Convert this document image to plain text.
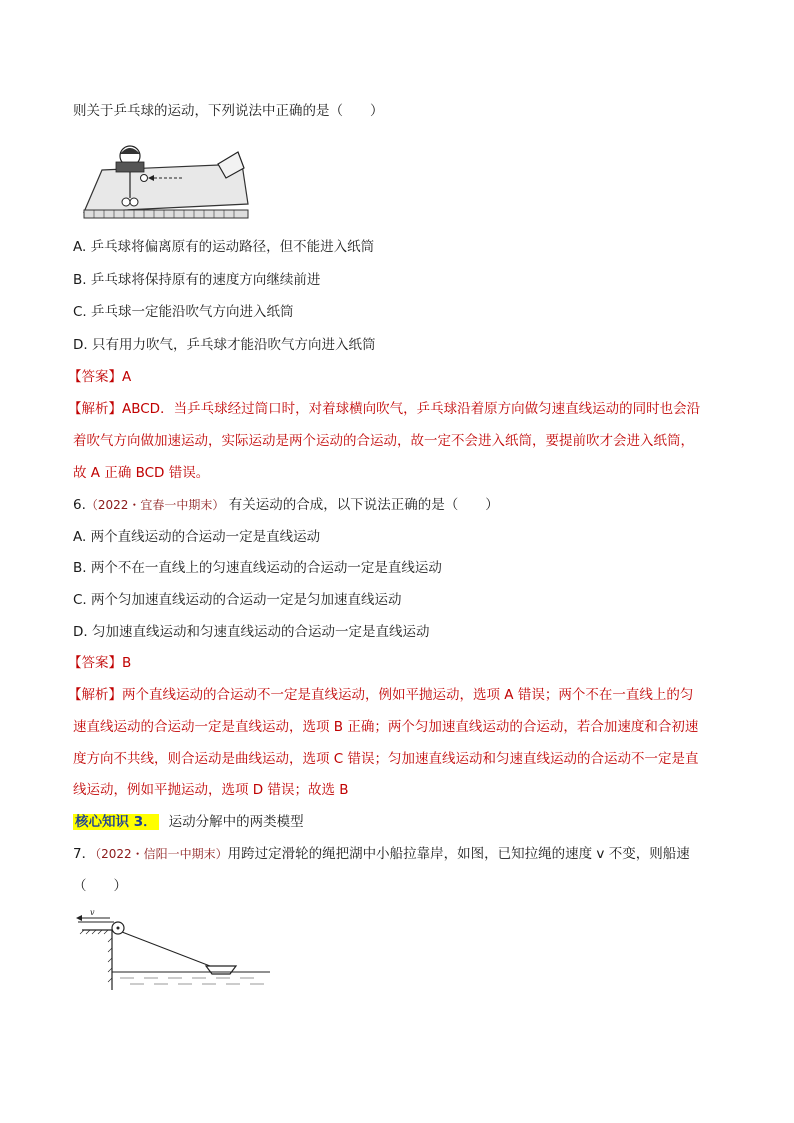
则关于乒乓球的运动，下列说法中正确的是（　　）
A. 乒乓球将偏离原有的运动路径，但不能进入纸筒
B. 乒乓球将保持原有的速度方向继续前进
C. 乒乓球一定能沿吹气方向进入纸筒
D. 只有用力吹气，乒乓球才能沿吹气方向进入纸筒
【答案】A
【解析】ABCD．当乒乓球经过筒口时，对着球横向吹气，乒乓球沿着原方向做匀速直线运动的同时也会沿
着吹气方向做加速运动，实际运动是两个运动的合运动，故一定不会进入纸筒，要提前吹才会进入纸筒，
故 A 正确 BCD 错误。
6.（2022・宜春一中期末） 有关运动的合成，以下说法正确的是（　　）
A. 两个直线运动的合运动一定是直线运动
B. 两个不在一直线上的匀速直线运动的合运动一定是直线运动
C. 两个匀加速直线运动的合运动一定是匀加速直线运动
D. 匀加速直线运动和匀速直线运动的合运动一定是直线运动
【答案】B
【解析】两个直线运动的合运动不一定是直线运动，例如平抛运动，选项 A 错误；两个不在一直线上的匀
速直线运动的合运动一定是直线运动，选项 B 正确；两个匀加速直线运动的合运动，若合加速度和合初速
度方向不共线，则合运动是曲线运动，选项 C 错误；匀加速直线运动和匀速直线运动的合运动不一定是直
线运动，例如平抛运动，选项 D 错误；故选 B
核心知识 3． 运动分解中的两类模型
7．（2022・信阳一中期末）用跨过定滑轮的绳把湖中小船拉靠岸，如图，已知拉绳的速度 v 不变，则船速
（　　）
v
